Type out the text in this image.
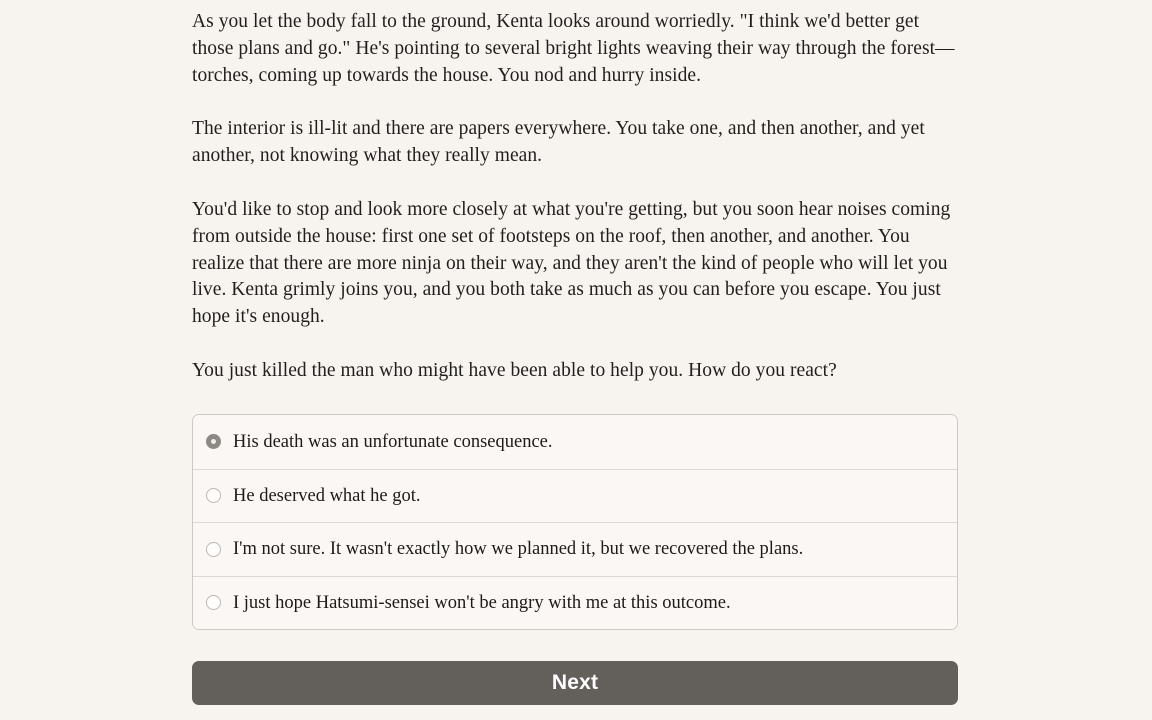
As you let the body fall to the ground, Kenta looks around worriedly. "I think we'd better get those plans and go." He's pointing to several bright lights weaving their way through the forest—torches, coming up towards the house. You nod and hurry inside.

The interior is ill-lit and there are papers everywhere. You take one, and then another, and yet another, not knowing what they really mean.

You'd like to stop and look more closely at what you're getting, but you soon hear noises coming from outside the house: first one set of footsteps on the roof, then another, and another. You realize that there are more ninja on their way, and they aren't the kind of people who will let you live. Kenta grimly joins you, and you both take as much as you can before you escape. You just hope it's enough.

You just killed the man who might have been able to help you. How do you react?

His death was an unfortunate consequence.
He deserved what he got.
I'm not sure. It wasn't exactly how we planned it, but we recovered the plans.
I just hope Hatsumi-sensei won't be angry with me at this outcome.
Next
